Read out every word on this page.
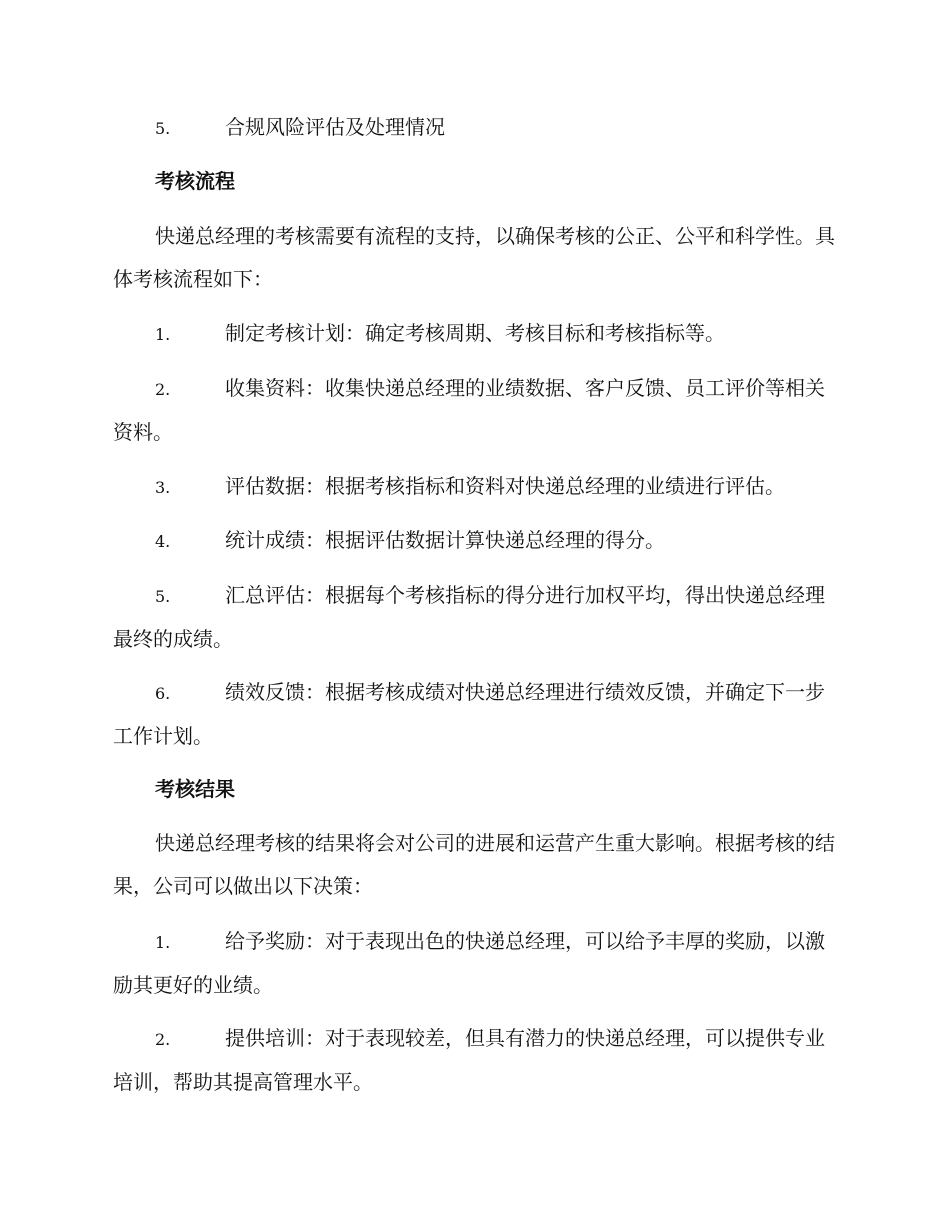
5.	合规风险评估及处理情况
考核流程
快递总经理的考核需要有流程的支持，以确保考核的公正、公平和科学性。具体考核流程如下：
1.	制定考核计划：确定考核周期、考核目标和考核指标等。
2.	收集资料：收集快递总经理的业绩数据、客户反馈、员工评价等相关资料。
3.	评估数据：根据考核指标和资料对快递总经理的业绩进行评估。
4.	统计成绩：根据评估数据计算快递总经理的得分。
5.	汇总评估：根据每个考核指标的得分进行加权平均，得出快递总经理最终的成绩。
6.	绩效反馈：根据考核成绩对快递总经理进行绩效反馈，并确定下一步工作计划。
考核结果
快递总经理考核的结果将会对公司的进展和运营产生重大影响。根据考核的结果，公司可以做出以下决策：
1.	给予奖励：对于表现出色的快递总经理，可以给予丰厚的奖励，以激励其更好的业绩。
2.	提供培训：对于表现较差，但具有潜力的快递总经理，可以提供专业培训，帮助其提高管理水平。
